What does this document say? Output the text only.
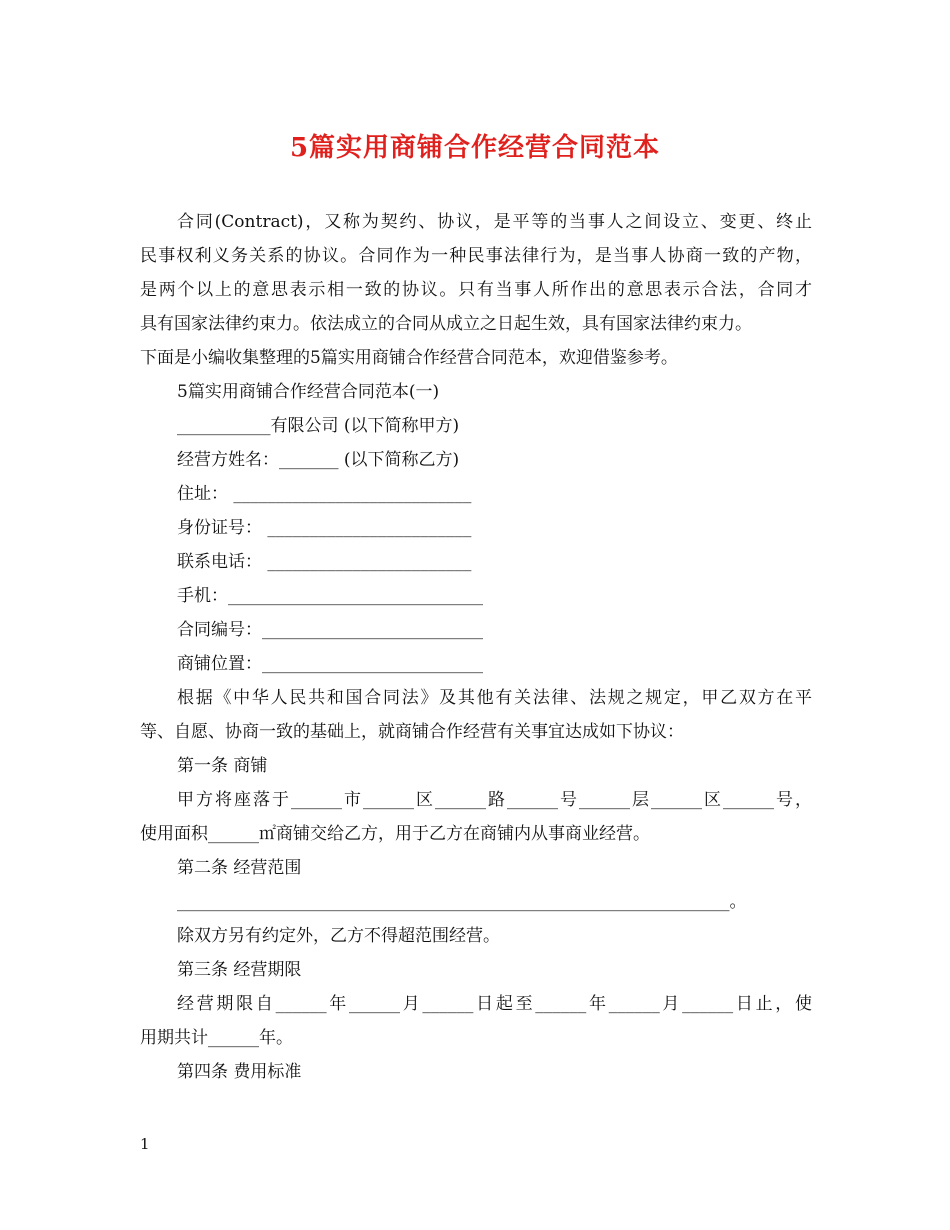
5篇实用商铺合作经营合同范本
合同(Contract)，又称为契约、协议，是平等的当事人之间设立、变更、终止
民事权利义务关系的协议。合同作为一种民事法律行为，是当事人协商一致的产物，
是两个以上的意思表示相一致的协议。只有当事人所作出的意思表示合法，合同才
具有国家法律约束力。依法成立的合同从成立之日起生效，具有国家法律约束力。
下面是小编收集整理的5篇实用商铺合作经营合同范本，欢迎借鉴参考。
5篇实用商铺合作经营合同范本(一)
___________有限公司 (以下简称甲方)
经营方姓名：_______ (以下简称乙方)
住址： ____________________________
身份证号： ________________________
联系电话： ________________________
手机：______________________________
合同编号：__________________________
商铺位置：__________________________
根据《中华人民共和国合同法》及其他有关法律、法规之规定，甲乙双方在平
等、自愿、协商一致的基础上，就商铺合作经营有关事宜达成如下协议：
第一条 商铺
甲方将座落于______市______区______路______号______层______区______号，
使用面积______㎡商铺交给乙方，用于乙方在商铺内从事商业经营。
第二条 经营范围
_________________________________________________________________。
除双方另有约定外，乙方不得超范围经营。
第三条 经营期限
经营期限自______年______月______日起至______年______月______日止，使
用期共计______年。
第四条 费用标准
1
